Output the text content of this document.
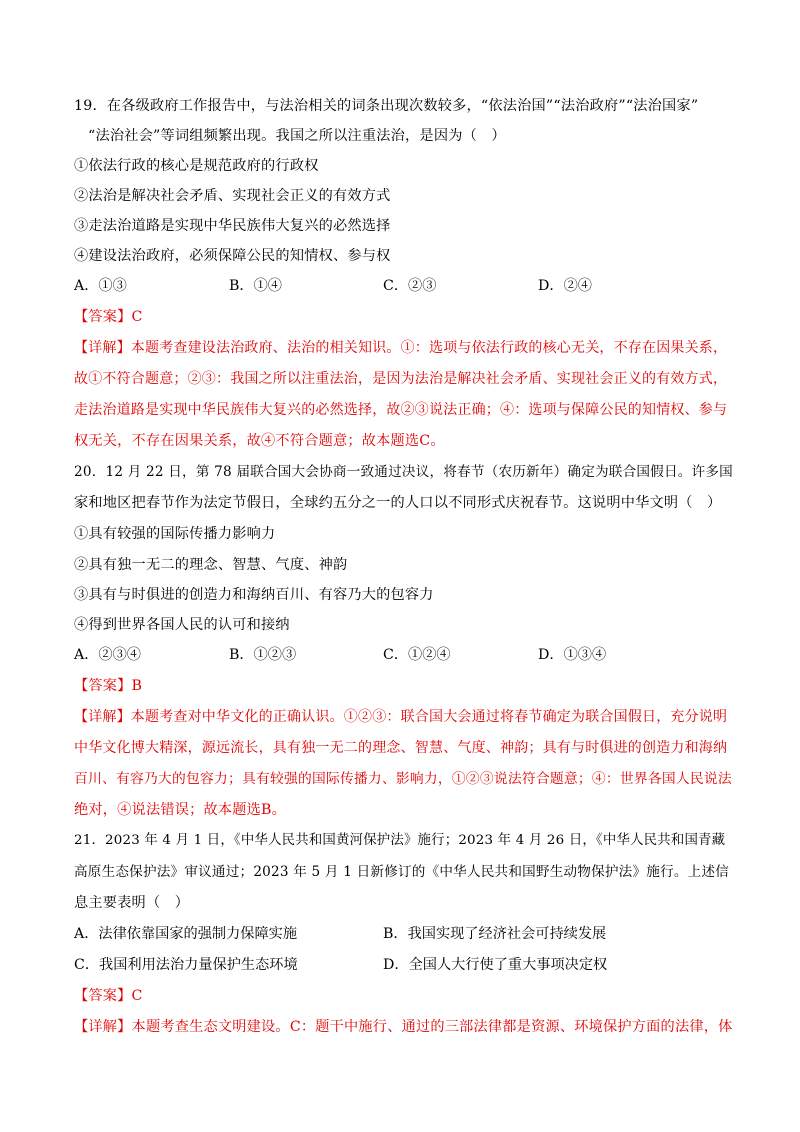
19．在各级政府工作报告中，与法治相关的词条出现次数较多，“依法治国”“法治政府”“法治国家”
“法治社会”等词组频繁出现。我国之所以注重法治，是因为（　）
①依法行政的核心是规范政府的行政权
②法治是解决社会矛盾、实现社会正义的有效方式
③走法治道路是实现中华民族伟大复兴的必然选择
④建设法治政府，必须保障公民的知情权、参与权
A．①③	B．①④	C．②③	D．②④
【答案】C
【详解】本题考查建设法治政府、法治的相关知识。①：选项与依法行政的核心无关，不存在因果关系，
故①不符合题意；②③：我国之所以注重法治，是因为法治是解决社会矛盾、实现社会正义的有效方式，
走法治道路是实现中华民族伟大复兴的必然选择，故②③说法正确；④：选项与保障公民的知情权、参与
权无关，不存在因果关系，故④不符合题意；故本题选C。
20．12 月 22 日，第 78 届联合国大会协商一致通过决议，将春节（农历新年）确定为联合国假日。许多国
家和地区把春节作为法定节假日，全球约五分之一的人口以不同形式庆祝春节。这说明中华文明（　）
①具有较强的国际传播力影响力
②具有独一无二的理念、智慧、气度、神韵
③具有与时俱进的创造力和海纳百川、有容乃大的包容力
④得到世界各国人民的认可和接纳
A．②③④	B．①②③	C．①②④	D．①③④
【答案】B
【详解】本题考查对中华文化的正确认识。①②③：联合国大会通过将春节确定为联合国假日，充分说明
中华文化博大精深，源远流长，具有独一无二的理念、智慧、气度、神韵；具有与时俱进的创造力和海纳
百川、有容乃大的包容力；具有较强的国际传播力、影响力，①②③说法符合题意；④：世界各国人民说法
绝对，④说法错误；故本题选B。
21．2023 年 4 月 1 日，《中华人民共和国黄河保护法》施行；2023 年 4 月 26 日，《中华人民共和国青藏
高原生态保护法》审议通过；2023 年 5 月 1 日新修订的《中华人民共和国野生动物保护法》施行。上述信
息主要表明（　）
A．法律依靠国家的强制力保障实施	B．我国实现了经济社会可持续发展
C．我国利用法治力量保护生态环境	D．全国人大行使了重大事项决定权
【答案】C
【详解】本题考查生态文明建设。C：题干中施行、通过的三部法律都是资源、环境保护方面的法律，体
